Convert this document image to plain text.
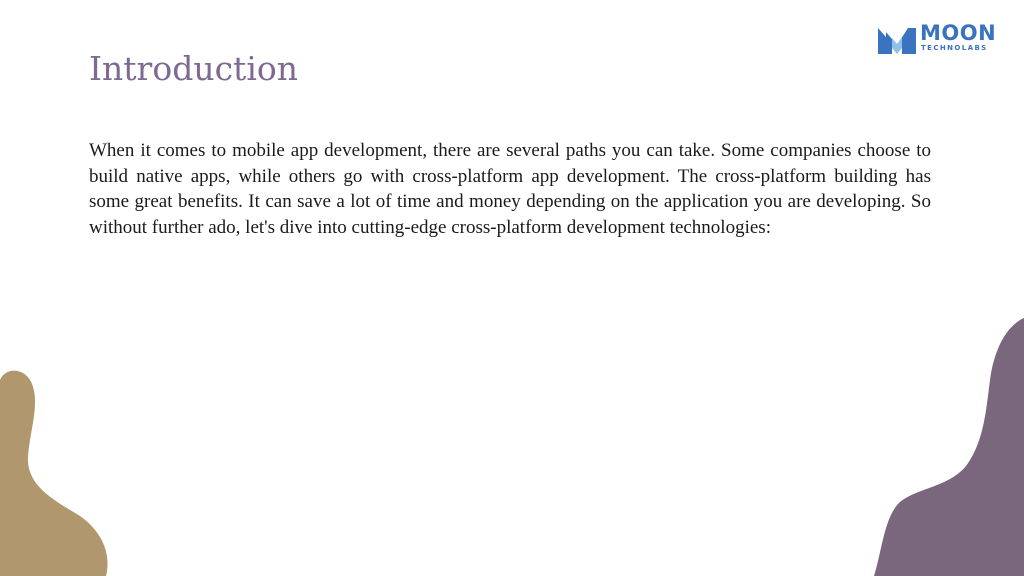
MOON
TECHNOLABS
Introduction

When it comes to mobile app development, there are several paths you can take. Some companies choose to build native apps, while others go with cross-platform app development. The cross-platform building has some great benefits. It can save a lot of time and money depending on the application you are developing. So without further ado, let's dive into cutting-edge cross-platform development technologies:
